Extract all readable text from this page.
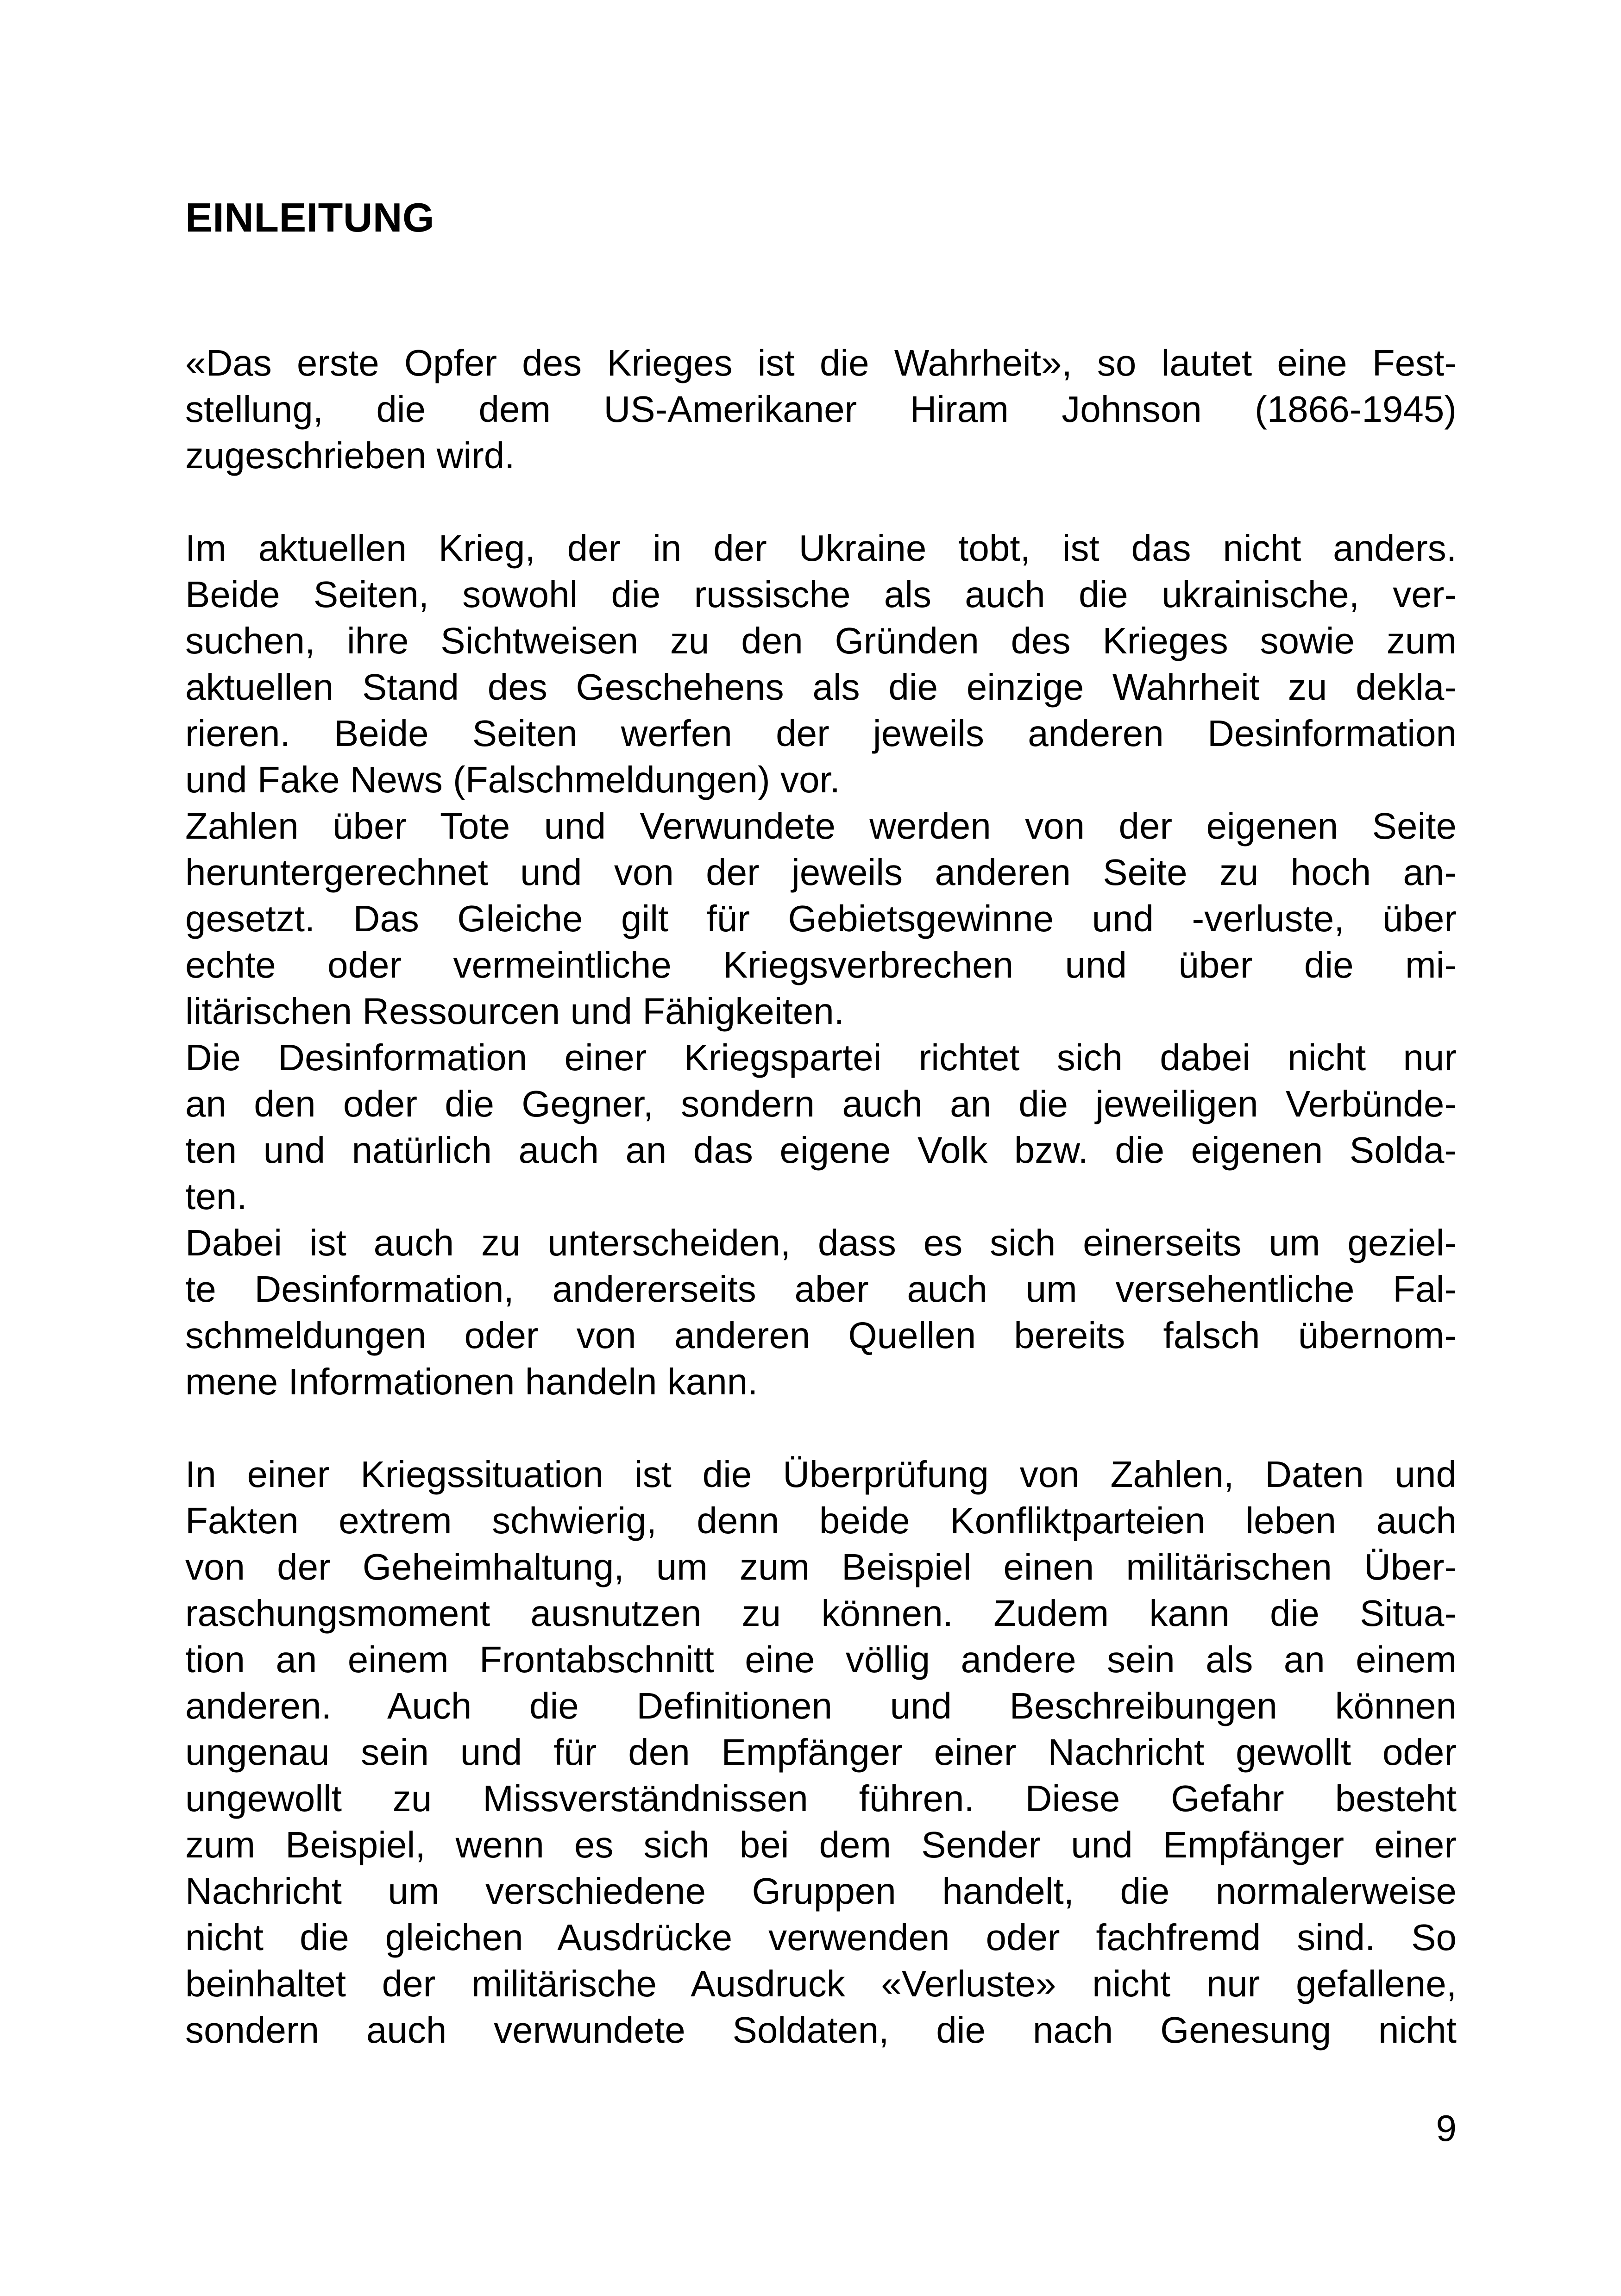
EINLEITUNG
«Das erste Opfer des Krieges ist die Wahrheit», so lautet eine Fest-
stellung, die dem US-Amerikaner Hiram Johnson (1866-1945)
zugeschrieben wird.
Im aktuellen Krieg, der in der Ukraine tobt, ist das nicht anders.
Beide Seiten, sowohl die russische als auch die ukrainische, ver-
suchen, ihre Sichtweisen zu den Gründen des Krieges sowie zum
aktuellen Stand des Geschehens als die einzige Wahrheit zu dekla-
rieren. Beide Seiten werfen der jeweils anderen Desinformation
und Fake News (Falschmeldungen) vor.
Zahlen über Tote und Verwundete werden von der eigenen Seite
heruntergerechnet und von der jeweils anderen Seite zu hoch an-
gesetzt. Das Gleiche gilt für Gebietsgewinne und -verluste, über
echte oder vermeintliche Kriegsverbrechen und über die mi-
litärischen Ressourcen und Fähigkeiten.
Die Desinformation einer Kriegspartei richtet sich dabei nicht nur
an den oder die Gegner, sondern auch an die jeweiligen Verbünde-
ten und natürlich auch an das eigene Volk bzw. die eigenen Solda-
ten.
Dabei ist auch zu unterscheiden, dass es sich einerseits um geziel-
te Desinformation, andererseits aber auch um versehentliche Fal-
schmeldungen oder von anderen Quellen bereits falsch übernom-
mene Informationen handeln kann.
In einer Kriegssituation ist die Überprüfung von Zahlen, Daten und
Fakten extrem schwierig, denn beide Konfliktparteien leben auch
von der Geheimhaltung, um zum Beispiel einen militärischen Über-
raschungsmoment ausnutzen zu können. Zudem kann die Situa-
tion an einem Frontabschnitt eine völlig andere sein als an einem
anderen. Auch die Definitionen und Beschreibungen können
ungenau sein und für den Empfänger einer Nachricht gewollt oder
ungewollt zu Missverständnissen führen. Diese Gefahr besteht
zum Beispiel, wenn es sich bei dem Sender und Empfänger einer
Nachricht um verschiedene Gruppen handelt, die normalerweise
nicht die gleichen Ausdrücke verwenden oder fachfremd sind. So
beinhaltet der militärische Ausdruck «Verluste» nicht nur gefallene,
sondern auch verwundete Soldaten, die nach Genesung nicht
9
